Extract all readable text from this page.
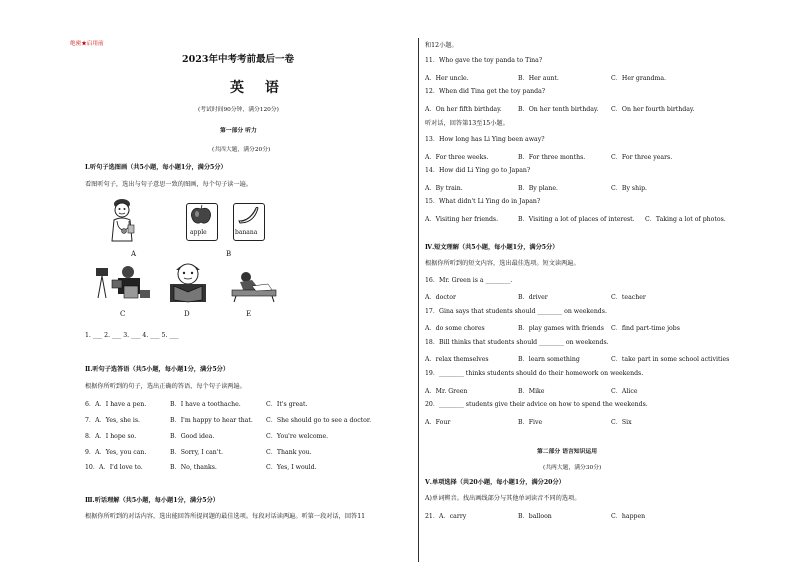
绝密★启用前
2023年中考考前最后一卷
英 语
(考试时间90分钟，满分120分)
第一部分 听力
(共四大题，满分20分)
Ⅰ.听句子选图画（共5小题，每小题1分，满分5分）
看图听句子，选出与句子意思一致的图画，每个句子读一遍。
apple	banana
A	B
C	D	E
1. ___ 2. ___ 3. ___ 4. ___ 5. ___
Ⅱ.听句子选答语（共5小题，每小题1分，满分5分）
根据你所听到的句子，选出正确的答语，每个句子读两遍。
6．A．I have a pen.	B．I have a toothache.	C．It's great.
7．A．Yes, she is.	B．I'm happy to hear that. C．She should go to see a doctor.
8．A．I hope so.	B．Good idea.	C．You're welcome.
9．A．Yes, you can.	B．Sorry, I can't.	C．Thank you.
10．A．I'd love to.	B．No, thanks.	C．Yes, I would.
Ⅲ.听话理解（共5小题，每小题1分，满分5分）
根据你所听到的对话内容，选出能回答所提问题的最佳选项。每段对话读两遍。听第一段对话，回答11
和12小题。
11．Who gave the toy panda to Tina?
A．Her uncle.	B．Her aunt.	C．Her grandma.
12．When did Tina get the toy panda?
A．On her fifth birthday.	B．On her tenth birthday. C．On her fourth birthday.
听对话，回答第13至15小题。
13．How long has Li Ying been away?
A．For three weeks.	B．For three months.	C．For three years.
14．How did Li Ying go to Japan?
A．By train.	B．By plane.	C．By ship.
15．What didn't Li Ying do in Japan?
A．Visiting her friends.	B．Visiting a lot of places of interest. C．Taking a lot of photos.
Ⅳ.短文理解（共5小题，每小题1分，满分5分）
根据你所听到的短文内容，选出最佳选项。短文读两遍。
16．Mr. Green is a ________.
A．doctor	B．driver	C．teacher
17．Gina says that students should ________ on weekends.
A．do some chores	B．play games with friends C．find part-time jobs
18．Bill thinks that students should ________ on weekends.
A．relax themselves	B．learn something	C．take part in some school activities
19．________ thinks students should do their homework on weekends.
A．Mr. Green	B．Mike	C．Alice
20．________ students give their advice on how to spend the weekends.
A．Four	B．Five	C．Six
第二部分 语言知识运用
(共两大题，满分30分)
Ⅴ.单项选择（共20小题，每小题1分，满分20分）
A)单词辨音。找出画线部分与其他单词读音不同的选项。
21．A．carry	B．balloon	C．happen
